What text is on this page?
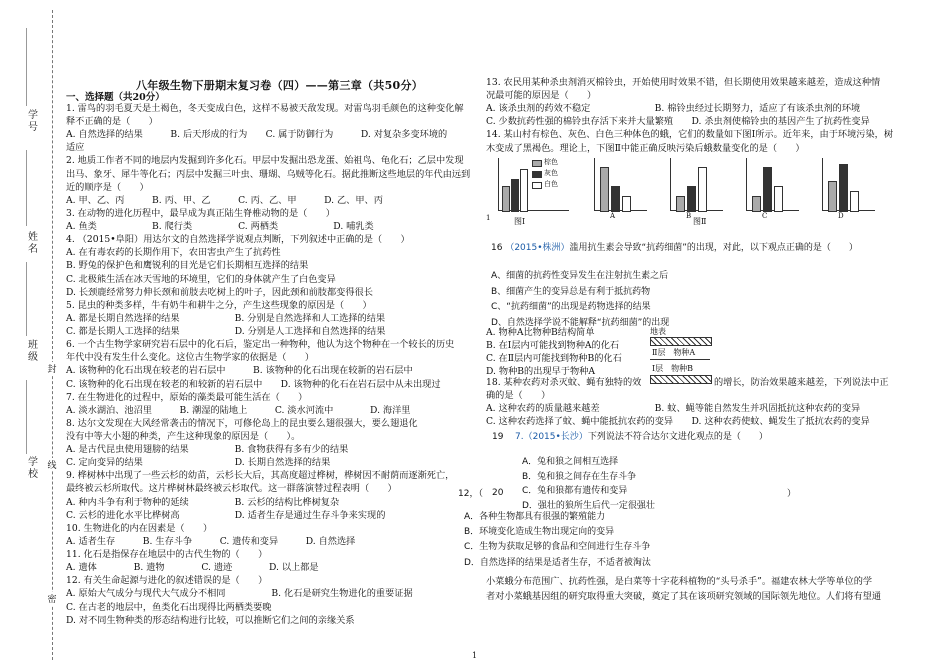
学号
姓名
班级
学校
封
线
密
八年级生物下册期末复习卷（四）——第三章（共50分）
一、选择题（共20分）
棕色
灰色
白色
A	B	C	D
1	图Ⅰ	图Ⅱ
16 （2015•株洲）滥用抗生素会导致“抗药细菌”的出现，对此，以下观点正确的是（　　）
地表
Ⅱ层　物种A
Ⅰ层　物种B
的增长，防治效果越来越差，下列说法中正
19 7.（2015•长沙）下列说法不符合达尔文进化观点的是（　　）
12，（ 20	）
1
1. 雷鸟的羽毛夏天是土褐色，冬天变成白色，这样不易被天敌发现。对雷鸟羽毛颜色的这种变化解
释不正确的是（　　）
A. 自然选择的结果　　　B. 后天形成的行为　　C. 属于防御行为　　　D. 对复杂多变环境的
适应
2. 地质工作者不同的地层内发掘到许多化石。甲层中发掘出恐龙蛋、始祖鸟、龟化石；乙层中发现
出马、象牙、犀牛等化石；丙层中发掘三叶虫、珊瑚、乌贼等化石。据此推断这些地层的年代由远到
近的顺序是（　　）
A. 甲、乙、丙　　　B. 丙、甲、乙　　　C. 丙、乙、甲　　　D. 乙、甲、丙
3. 在动物的进化历程中，最早成为真正陆生脊椎动物的是（　　）
A. 鱼类　　　　　　B. 爬行类　　　　　C. 两栖类　　　　　　D. 哺乳类
4. （2015•阜阳）用达尔文的自然选择学说观点判断，下列叙述中正确的是（　　）
A. 在有毒农药的长期作用下，农田害虫产生了抗药性
B. 野兔的保护色和鹰锐利的目光是它们长期相互选择的结果
C. 北极熊生活在冰天雪地的环境里，它们的身体就产生了白色变异
D. 长颈鹿经常努力伸长颈和前肢去吃树上的叶子，因此颈和前肢都变得很长
5. 昆虫的种类多样，牛有奶牛和耕牛之分，产生这些现象的原因是（　　）
A. 都是长期自然选择的结果　　　　　　B. 分别是自然选择和人工选择的结果
C. 都是长期人工选择的结果　　　　　　D. 分别是人工选择和自然选择的结果
6. 一个古生物学家研究岩石层中的化石后，鉴定出一种物种，他认为这个物种在一个较长的历史
年代中没有发生什么变化。这位古生物学家的依据是（　　）
A. 该物种的化石出现在较老的岩石层中　　　B. 该物种的化石出现在较新的岩石层中
C. 该物种的化石出现在较老的和较新的岩石层中　　D. 该物种的化石在岩石层中从未出现过
7. 在生物进化的过程中，原始的藻类最可能生活在（　　）
A. 淡水湖泊、池沼里　　　B. 潮湿的陆地上　　　C. 淡水河流中　　　　D. 海洋里
8. 达尔文发现在大风经常袭击的情况下，可修伦岛上的昆虫要么翅很强大，要么翅退化
没有中等大小翅的种类，产生这种现象的原因是（　　）。
A. 是古代昆虫使用翅膀的结果　　　　　B. 食物获得有多有少的结果
C. 定向变异的结果　　　　　　　　　　D. 长期自然选择的结果
9. 桦树林中出现了一些云杉的幼苗，云杉长大后，其高度超过桦树，桦树因不耐荫而逐渐死亡，
最终被云杉所取代。这片桦树林最终被云杉取代。这一群落演替过程表明（　　）
A. 种内斗争有利于物种的延续　　　　　B. 云杉的结构比桦树复杂
C. 云杉的进化水平比桦树高　　　　　　D. 适者生存是通过生存斗争来实现的
10. 生物进化的内在因素是（　　）
A. 适者生存　　　B. 生存斗争　　　C. 遗传和变异　　　D. 自然选择
11. 化石是指保存在地层中的古代生物的（　　）
A. 遗体　　　　B. 遗物　　　　C. 遗迹　　　　D. 以上都是
12. 有关生命起源与进化的叙述错误的是（　　）
A. 原始大气成分与现代大气成分不相同　　　　　B. 化石是研究生物进化的重要证据
C. 在古老的地层中，鱼类化石出现得比两栖类要晚
D. 对不同生物种类的形态结构进行比较，可以推断它们之间的亲缘关系
13. 农民用某种杀虫剂消灭棉铃虫，开始使用时效果不错，但长期使用效果越来越差，造成这种情
况最可能的原因是（　　）
A. 该杀虫剂的药效不稳定　　　　　　　B. 棉铃虫经过长期努力，适应了有该杀虫剂的环境
C. 少数抗药性强的棉铃虫存活下来并大量繁殖　　D. 杀虫剂使棉铃虫的基因产生了抗药性变异
14. 某山村有棕色、灰色、白色三种体色的蛾，它们的数量如下图Ⅰ所示。近年来，由于环境污染，树
木变成了黑褐色。理论上，下图Ⅱ中能正确反映污染后蛾数量变化的是（　　）
A、细菌的抗药性变异发生在注射抗生素之后
B、细菌产生的变异总是有利于抵抗药物
C、“抗药细菌”的出现是药物选择的结果
D、自然选择学说不能解释“抗药细菌”的出现
A. 物种A比物种B结构简单
B. 在Ⅰ层内可能找到物种A的化石
C. 在Ⅱ层内可能找到物种B的化石
D. 物种B的出现早于物种A
18. 某种农药对杀灭蚊、蝇有独特的效
确的是（　　）
A. 这种农药的质量越来越差　　　　　　B. 蚊、蝇等能自然发生并巩固抵抗这种农药的变异
C. 这种农药选择了蚊、蝇中能抵抗农药的变异　　D. 这种农药使蚊、蝇发生了抵抗农药的变异
A．兔和狼之间相互选择
B．兔和狼之间存在生存斗争
C．兔和狼都有遗传和变异
D．强壮的狼所生后代一定很强壮
A．各种生物都具有很强的繁殖能力
B．环境变化造成生物出现定向的变异
C．生物为获取足够的食品和空间进行生存斗争
D．自然选择的结果是适者生存，不适者被淘汰
小菜蛾分布范围广、抗药性强，是白菜等十字花科植物的“头号杀手”。福建农林大学等单位的学
者对小菜蛾基因组的研究取得重大突破，奠定了其在该项研究领域的国际领先地位。人们将有望通
